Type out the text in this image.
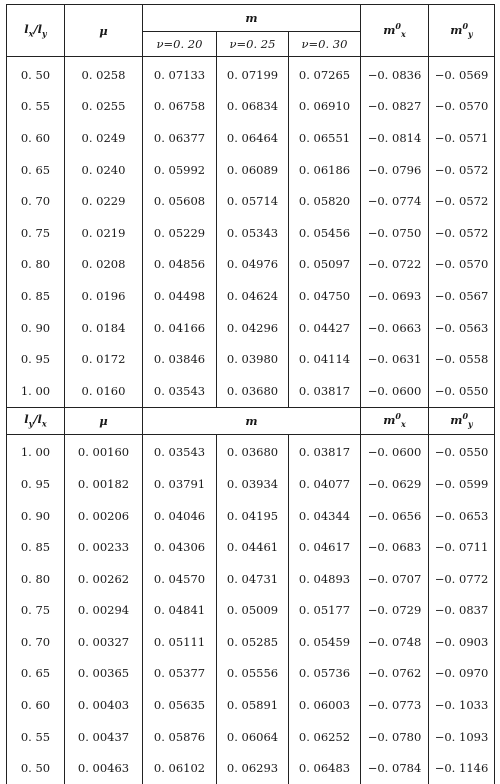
$l_x/l_y$	μ	m			$m^0_x$	$m^0_y$
		ν=0. 20	ν=0. 25	ν=0. 30		
0. 50	0. 0258	0. 07133	0. 07199	0. 07265	−0. 0836	−0. 0569
0. 55	0. 0255	0. 06758	0. 06834	0. 06910	−0. 0827	−0. 0570
0. 60	0. 0249	0. 06377	0. 06464	0. 06551	−0. 0814	−0. 0571
0. 65	0. 0240	0. 05992	0. 06089	0. 06186	−0. 0796	−0. 0572
0. 70	0. 0229	0. 05608	0. 05714	0. 05820	−0. 0774	−0. 0572
0. 75	0. 0219	0. 05229	0. 05343	0. 05456	−0. 0750	−0. 0572
0. 80	0. 0208	0. 04856	0. 04976	0. 05097	−0. 0722	−0. 0570
0. 85	0. 0196	0. 04498	0. 04624	0. 04750	−0. 0693	−0. 0567
0. 90	0. 0184	0. 04166	0. 04296	0. 04427	−0. 0663	−0. 0563
0. 95	0. 0172	0. 03846	0. 03980	0. 04114	−0. 0631	−0. 0558
1. 00	0. 0160	0. 03543	0. 03680	0. 03817	−0. 0600	−0. 0550
$l_y/l_x$	μ	m			$m^0_x$	$m^0_y$
1. 00	0. 00160	0. 03543	0. 03680	0. 03817	−0. 0600	−0. 0550
0. 95	0. 00182	0. 03791	0. 03934	0. 04077	−0. 0629	−0. 0599
0. 90	0. 00206	0. 04046	0. 04195	0. 04344	−0. 0656	−0. 0653
0. 85	0. 00233	0. 04306	0. 04461	0. 04617	−0. 0683	−0. 0711
0. 80	0. 00262	0. 04570	0. 04731	0. 04893	−0. 0707	−0. 0772
0. 75	0. 00294	0. 04841	0. 05009	0. 05177	−0. 0729	−0. 0837
0. 70	0. 00327	0. 05111	0. 05285	0. 05459	−0. 0748	−0. 0903
0. 65	0. 00365	0. 05377	0. 05556	0. 05736	−0. 0762	−0. 0970
0. 60	0. 00403	0. 05635	0. 05891	0. 06003	−0. 0773	−0. 1033
0. 55	0. 00437	0. 05876	0. 06064	0. 06252	−0. 0780	−0. 1093
0. 50	0. 00463	0. 06102	0. 06293	0. 06483	−0. 0784	−0. 1146
